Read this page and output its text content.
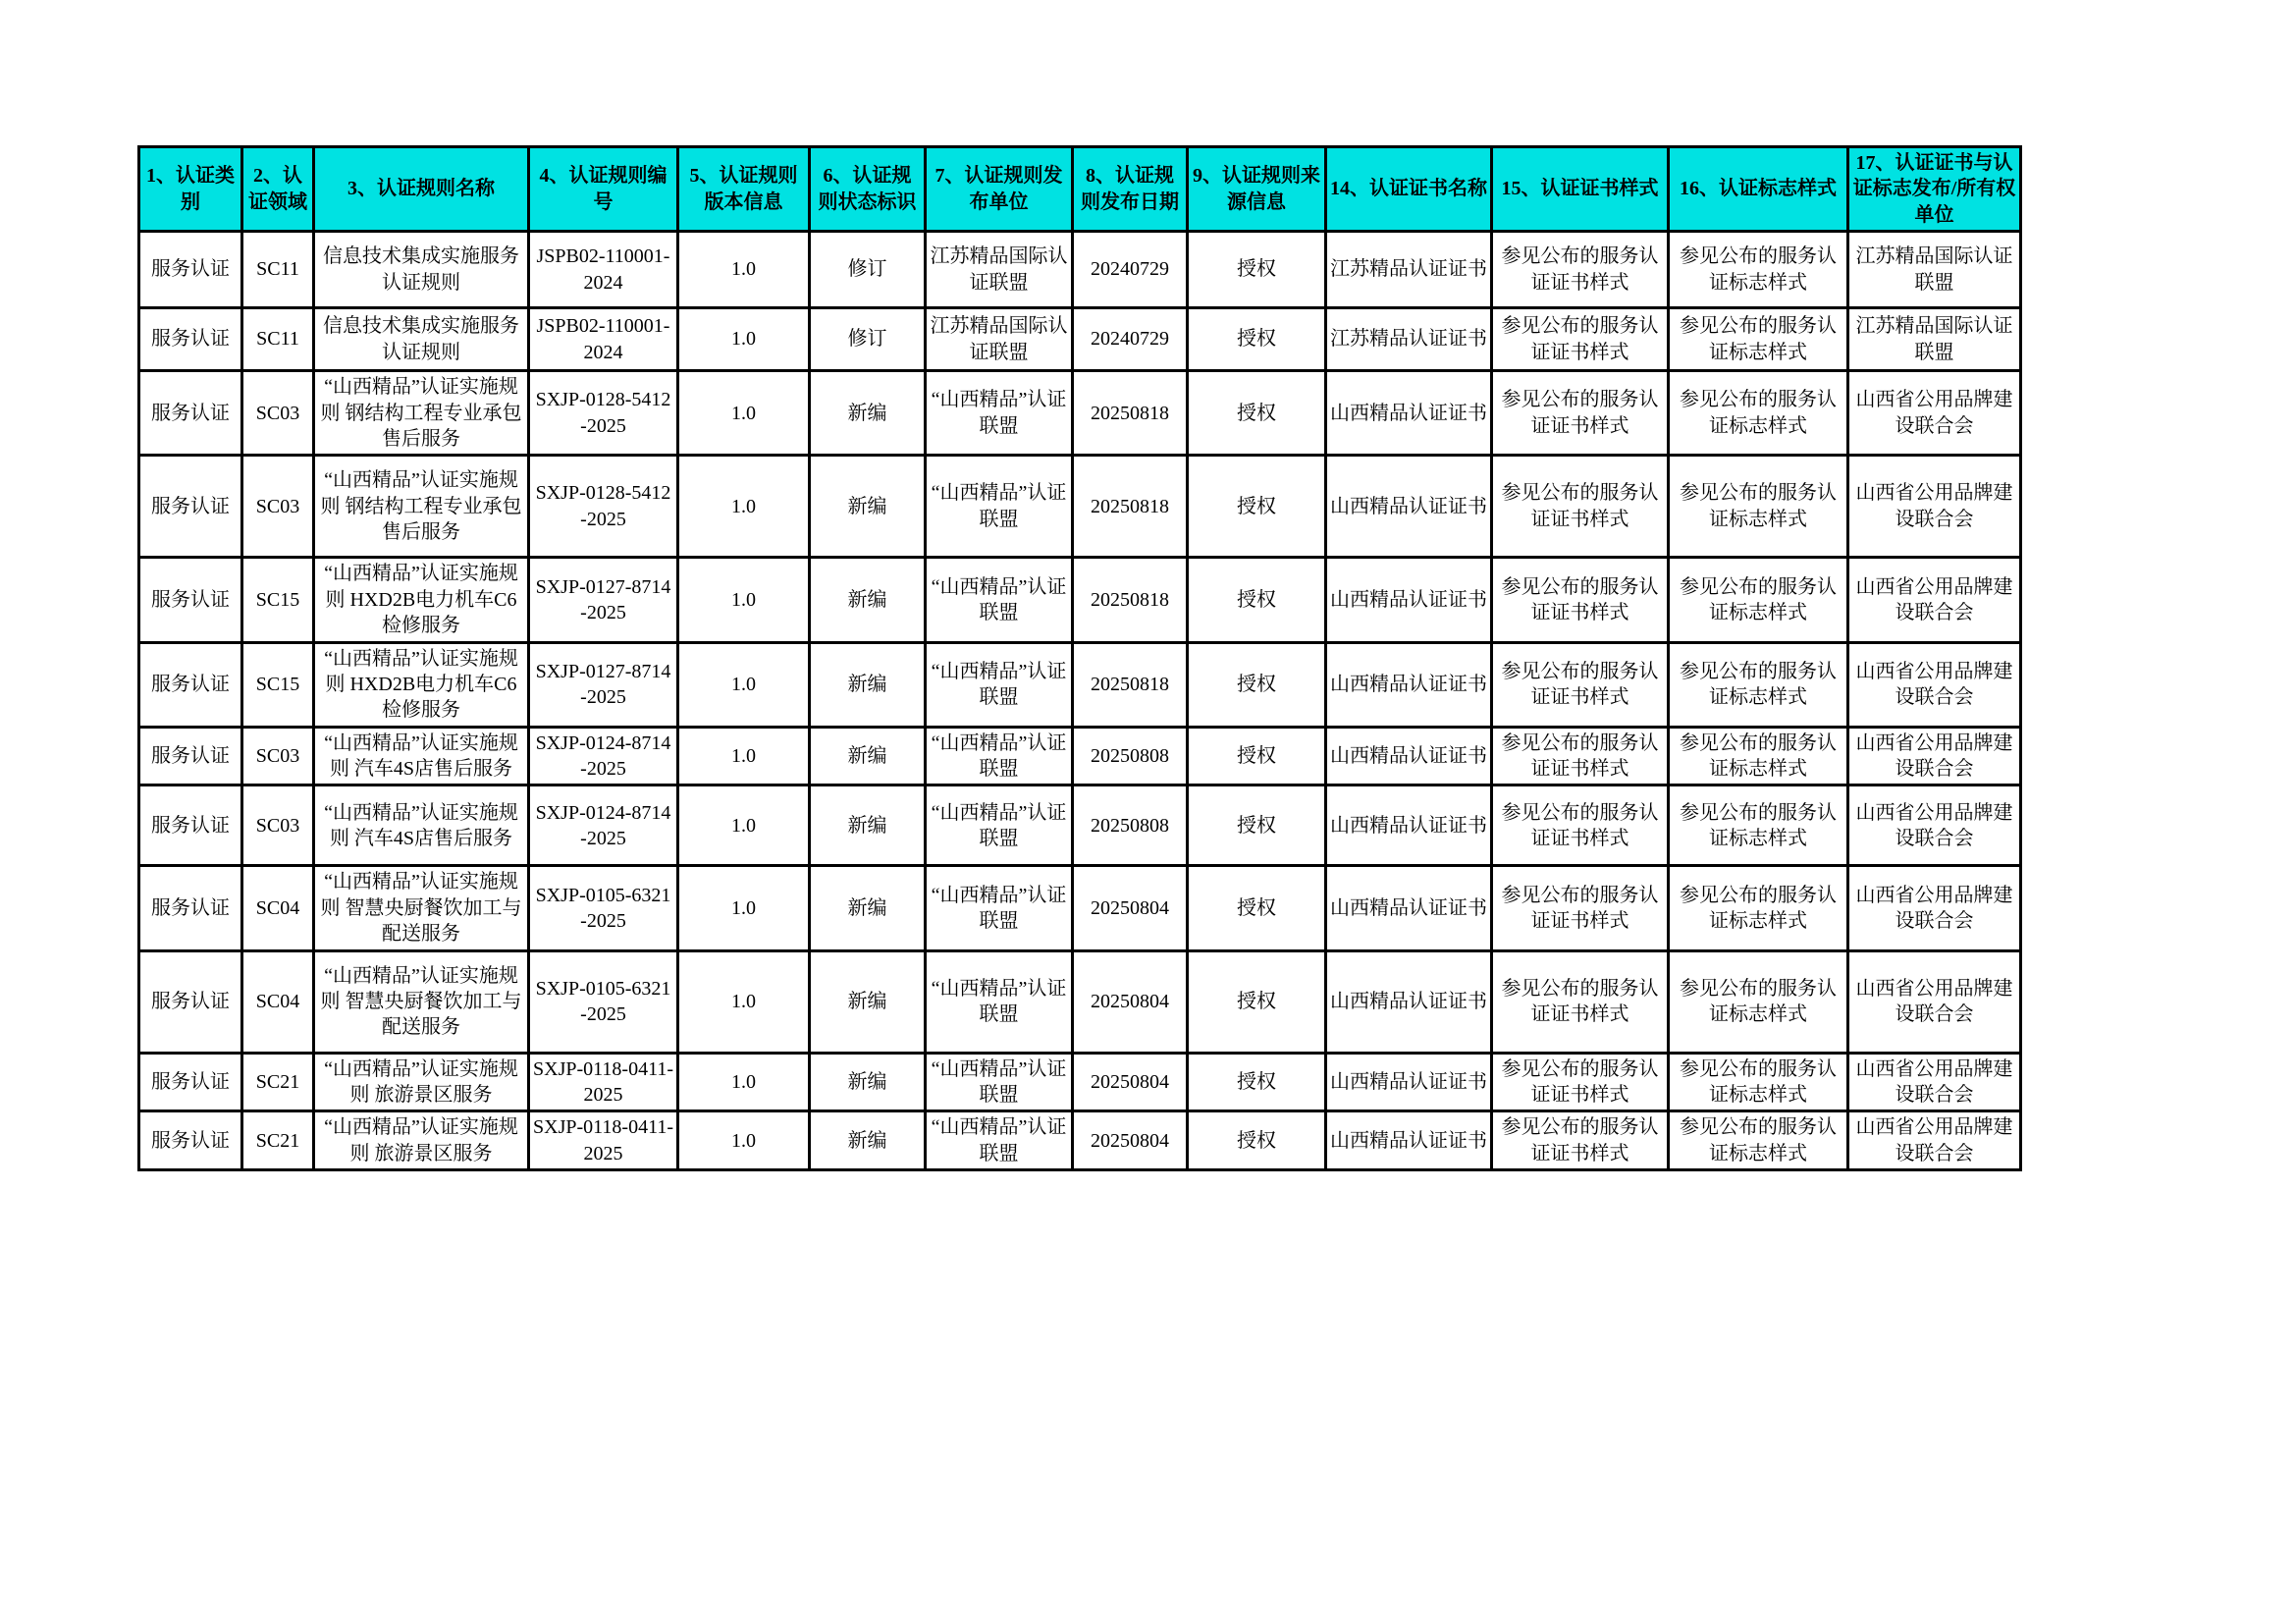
1、认证类别	2、认证领域	3、认证规则名称	4、认证规则编号	5、认证规则版本信息	6、认证规则状态标识	7、认证规则发布单位	8、认证规则发布日期	9、认证规则来源信息	14、认证证书名称	15、认证证书样式	16、认证标志样式	17、认证证书与认证标志发布/所有权单位
服务认证	SC11	信息技术集成实施服务认证规则	JSPB02-110001-2024	1.0	修订	江苏精品国际认证联盟	20240729	授权	江苏精品认证证书	参见公布的服务认证证书样式	参见公布的服务认证标志样式	江苏精品国际认证联盟
服务认证	SC11	信息技术集成实施服务认证规则	JSPB02-110001-2024	1.0	修订	江苏精品国际认证联盟	20240729	授权	江苏精品认证证书	参见公布的服务认证证书样式	参见公布的服务认证标志样式	江苏精品国际认证联盟
服务认证	SC03	“山西精品”认证实施规则 钢结构工程专业承包售后服务	SXJP-0128-5412-2025	1.0	新编	“山西精品”认证联盟	20250818	授权	山西精品认证证书	参见公布的服务认证证书样式	参见公布的服务认证标志样式	山西省公用品牌建设联合会
服务认证	SC03	“山西精品”认证实施规则 钢结构工程专业承包售后服务	SXJP-0128-5412-2025	1.0	新编	“山西精品”认证联盟	20250818	授权	山西精品认证证书	参见公布的服务认证证书样式	参见公布的服务认证标志样式	山西省公用品牌建设联合会
服务认证	SC15	“山西精品”认证实施规则 HXD2B电力机车C6检修服务	SXJP-0127-8714-2025	1.0	新编	“山西精品”认证联盟	20250818	授权	山西精品认证证书	参见公布的服务认证证书样式	参见公布的服务认证标志样式	山西省公用品牌建设联合会
服务认证	SC15	“山西精品”认证实施规则 HXD2B电力机车C6检修服务	SXJP-0127-8714-2025	1.0	新编	“山西精品”认证联盟	20250818	授权	山西精品认证证书	参见公布的服务认证证书样式	参见公布的服务认证标志样式	山西省公用品牌建设联合会
服务认证	SC03	“山西精品”认证实施规则 汽车4S店售后服务	SXJP-0124-8714-2025	1.0	新编	“山西精品”认证联盟	20250808	授权	山西精品认证证书	参见公布的服务认证证书样式	参见公布的服务认证标志样式	山西省公用品牌建设联合会
服务认证	SC03	“山西精品”认证实施规则 汽车4S店售后服务	SXJP-0124-8714-2025	1.0	新编	“山西精品”认证联盟	20250808	授权	山西精品认证证书	参见公布的服务认证证书样式	参见公布的服务认证标志样式	山西省公用品牌建设联合会
服务认证	SC04	“山西精品”认证实施规则 智慧央厨餐饮加工与配送服务	SXJP-0105-6321-2025	1.0	新编	“山西精品”认证联盟	20250804	授权	山西精品认证证书	参见公布的服务认证证书样式	参见公布的服务认证标志样式	山西省公用品牌建设联合会
服务认证	SC04	“山西精品”认证实施规则 智慧央厨餐饮加工与配送服务	SXJP-0105-6321-2025	1.0	新编	“山西精品”认证联盟	20250804	授权	山西精品认证证书	参见公布的服务认证证书样式	参见公布的服务认证标志样式	山西省公用品牌建设联合会
服务认证	SC21	“山西精品”认证实施规则 旅游景区服务	SXJP-0118-0411-2025	1.0	新编	“山西精品”认证联盟	20250804	授权	山西精品认证证书	参见公布的服务认证证书样式	参见公布的服务认证标志样式	山西省公用品牌建设联合会
服务认证	SC21	“山西精品”认证实施规则 旅游景区服务	SXJP-0118-0411-2025	1.0	新编	“山西精品”认证联盟	20250804	授权	山西精品认证证书	参见公布的服务认证证书样式	参见公布的服务认证标志样式	山西省公用品牌建设联合会
